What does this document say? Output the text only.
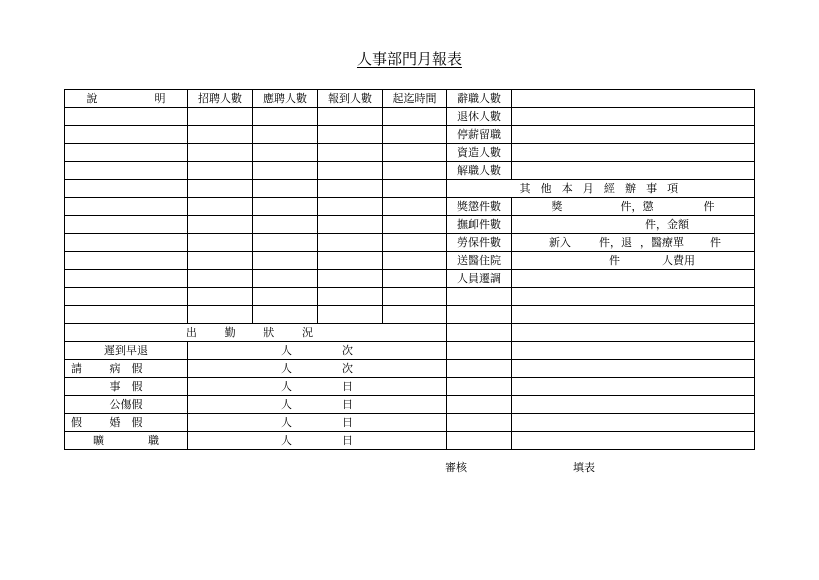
人事部門月報表
說 明	招聘人數	應聘人數	報到人數	起迄時間	辭職人數	
					退休人數	
					停薪留職	
					資造人數	
					解職人數	
					其 他 本 月 經 辦 事 項	
					獎懲件數	獎 件，懲 件
					撫卹件數	件，金額
					勞保件數	新入 件，退 ，醫療單 件
					送醫住院	件 人費用
					人員遷調	

出 勤 狀 況						
遲到早退	人 次					

請 病　假	人 次					
事　假	人 日					
公傷假	人 日					

假 婚　假	人 日					
曠 職	人 日					
審核	填表
